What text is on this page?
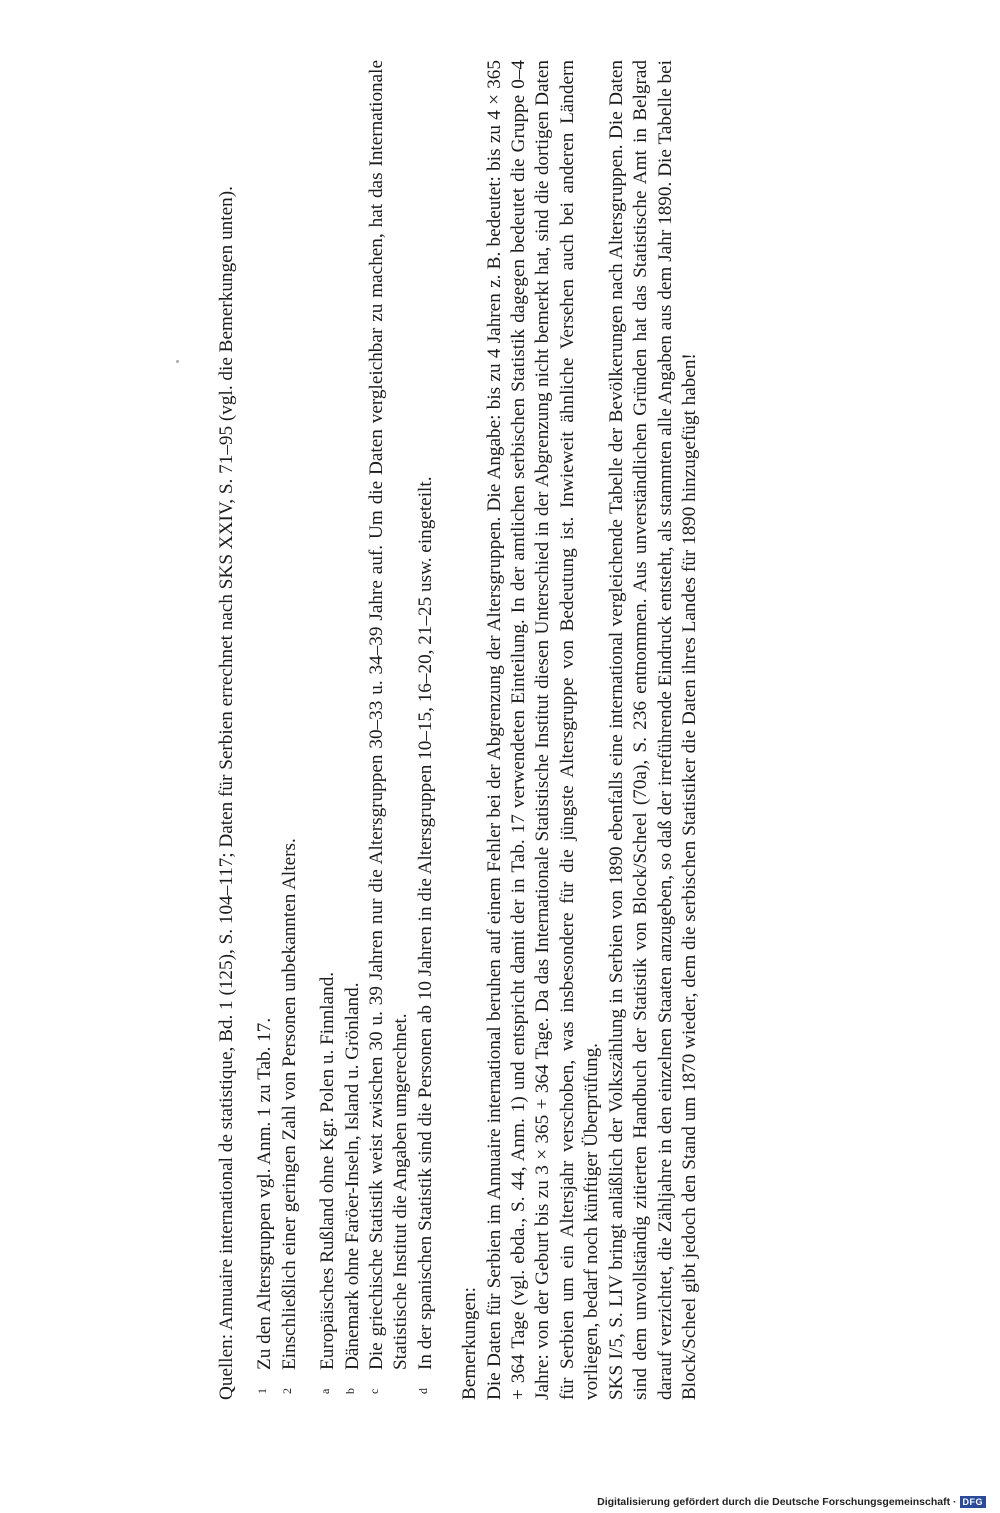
Quellen: Annuaire international de statistique, Bd. 1 (125), S. 104–117; Daten für Serbien errechnet nach SKS XXIV, S. 71–95 (vgl. die Bemerkungen unten).	1
Zu den Altersgruppen vgl. Anm. 1 zu Tab. 17.

2
Einschließlich einer geringen Zahl von Personen unbekannten Alters.

a
Europäisches Rußland ohne Kgr. Polen u. Finnland.

b
Dänemark ohne Faröer-Inseln, Island u. Grönland.

c
Die griechische Statistik weist zwischen 30 u. 39 Jahren nur die Altersgruppen 30–33 u. 34–39 Jahre auf. Um die Daten vergleichbar zu machen, hat das Internationale Statistische Institut die Angaben umgerechnet.

d
In der spanischen Statistik sind die Personen ab 10 Jahren in die Altersgruppen 10–15, 16–20, 21–25 usw. eingeteilt. Bemerkungen: Die Daten für Serbien im Annuaire international beruhen auf einem Fehler bei der Abgrenzung der Altersgruppen. Die Angabe: bis zu 4 Jahren z. B. bedeutet: bis zu 4 × 365 + 364 Tage (vgl. ebda., S. 44, Anm. 1) und entspricht damit der in Tab. 17 verwendeten Einteilung. In der amtlichen serbischen Statistik dagegen bedeutet die Gruppe 0–4 Jahre: von der Geburt bis zu 3 × 365 + 364 Tage. Da das Internationale Statistische Institut diesen Unterschied in der Abgrenzung nicht bemerkt hat, sind die dortigen Daten für Serbien um ein Altersjahr verschoben, was insbesondere für die jüngste Altersgruppe von Bedeutung ist. Inwieweit ähnliche Versehen auch bei anderen Ländern vorliegen, bedarf noch künftiger Überprüfung. SKS I/5, S. LIV bringt anläßlich der Volkszählung in Serbien von 1890 ebenfalls eine international vergleichende Tabelle der Bevölkerungen nach Altersgruppen. Die Daten sind dem unvollständig zitierten Handbuch der Statistik von Block/Scheel (70a), S. 236 entnommen. Aus unverständlichen Gründen hat das Statistische Amt in Belgrad darauf verzichtet, die Zähljahre in den einzelnen Staaten anzugeben, so daß der irreführende Eindruck entsteht, als stammten alle Angaben aus dem Jahr 1890. Die Tabelle bei Block/Scheel gibt jedoch den Stand um 1870 wieder, dem die serbischen Statistiker die Daten ihres Landes für 1890 hinzugefügt haben!

Digitalisierung gefördert durch die Deutsche Forschungsgemeinschaft · DFG
